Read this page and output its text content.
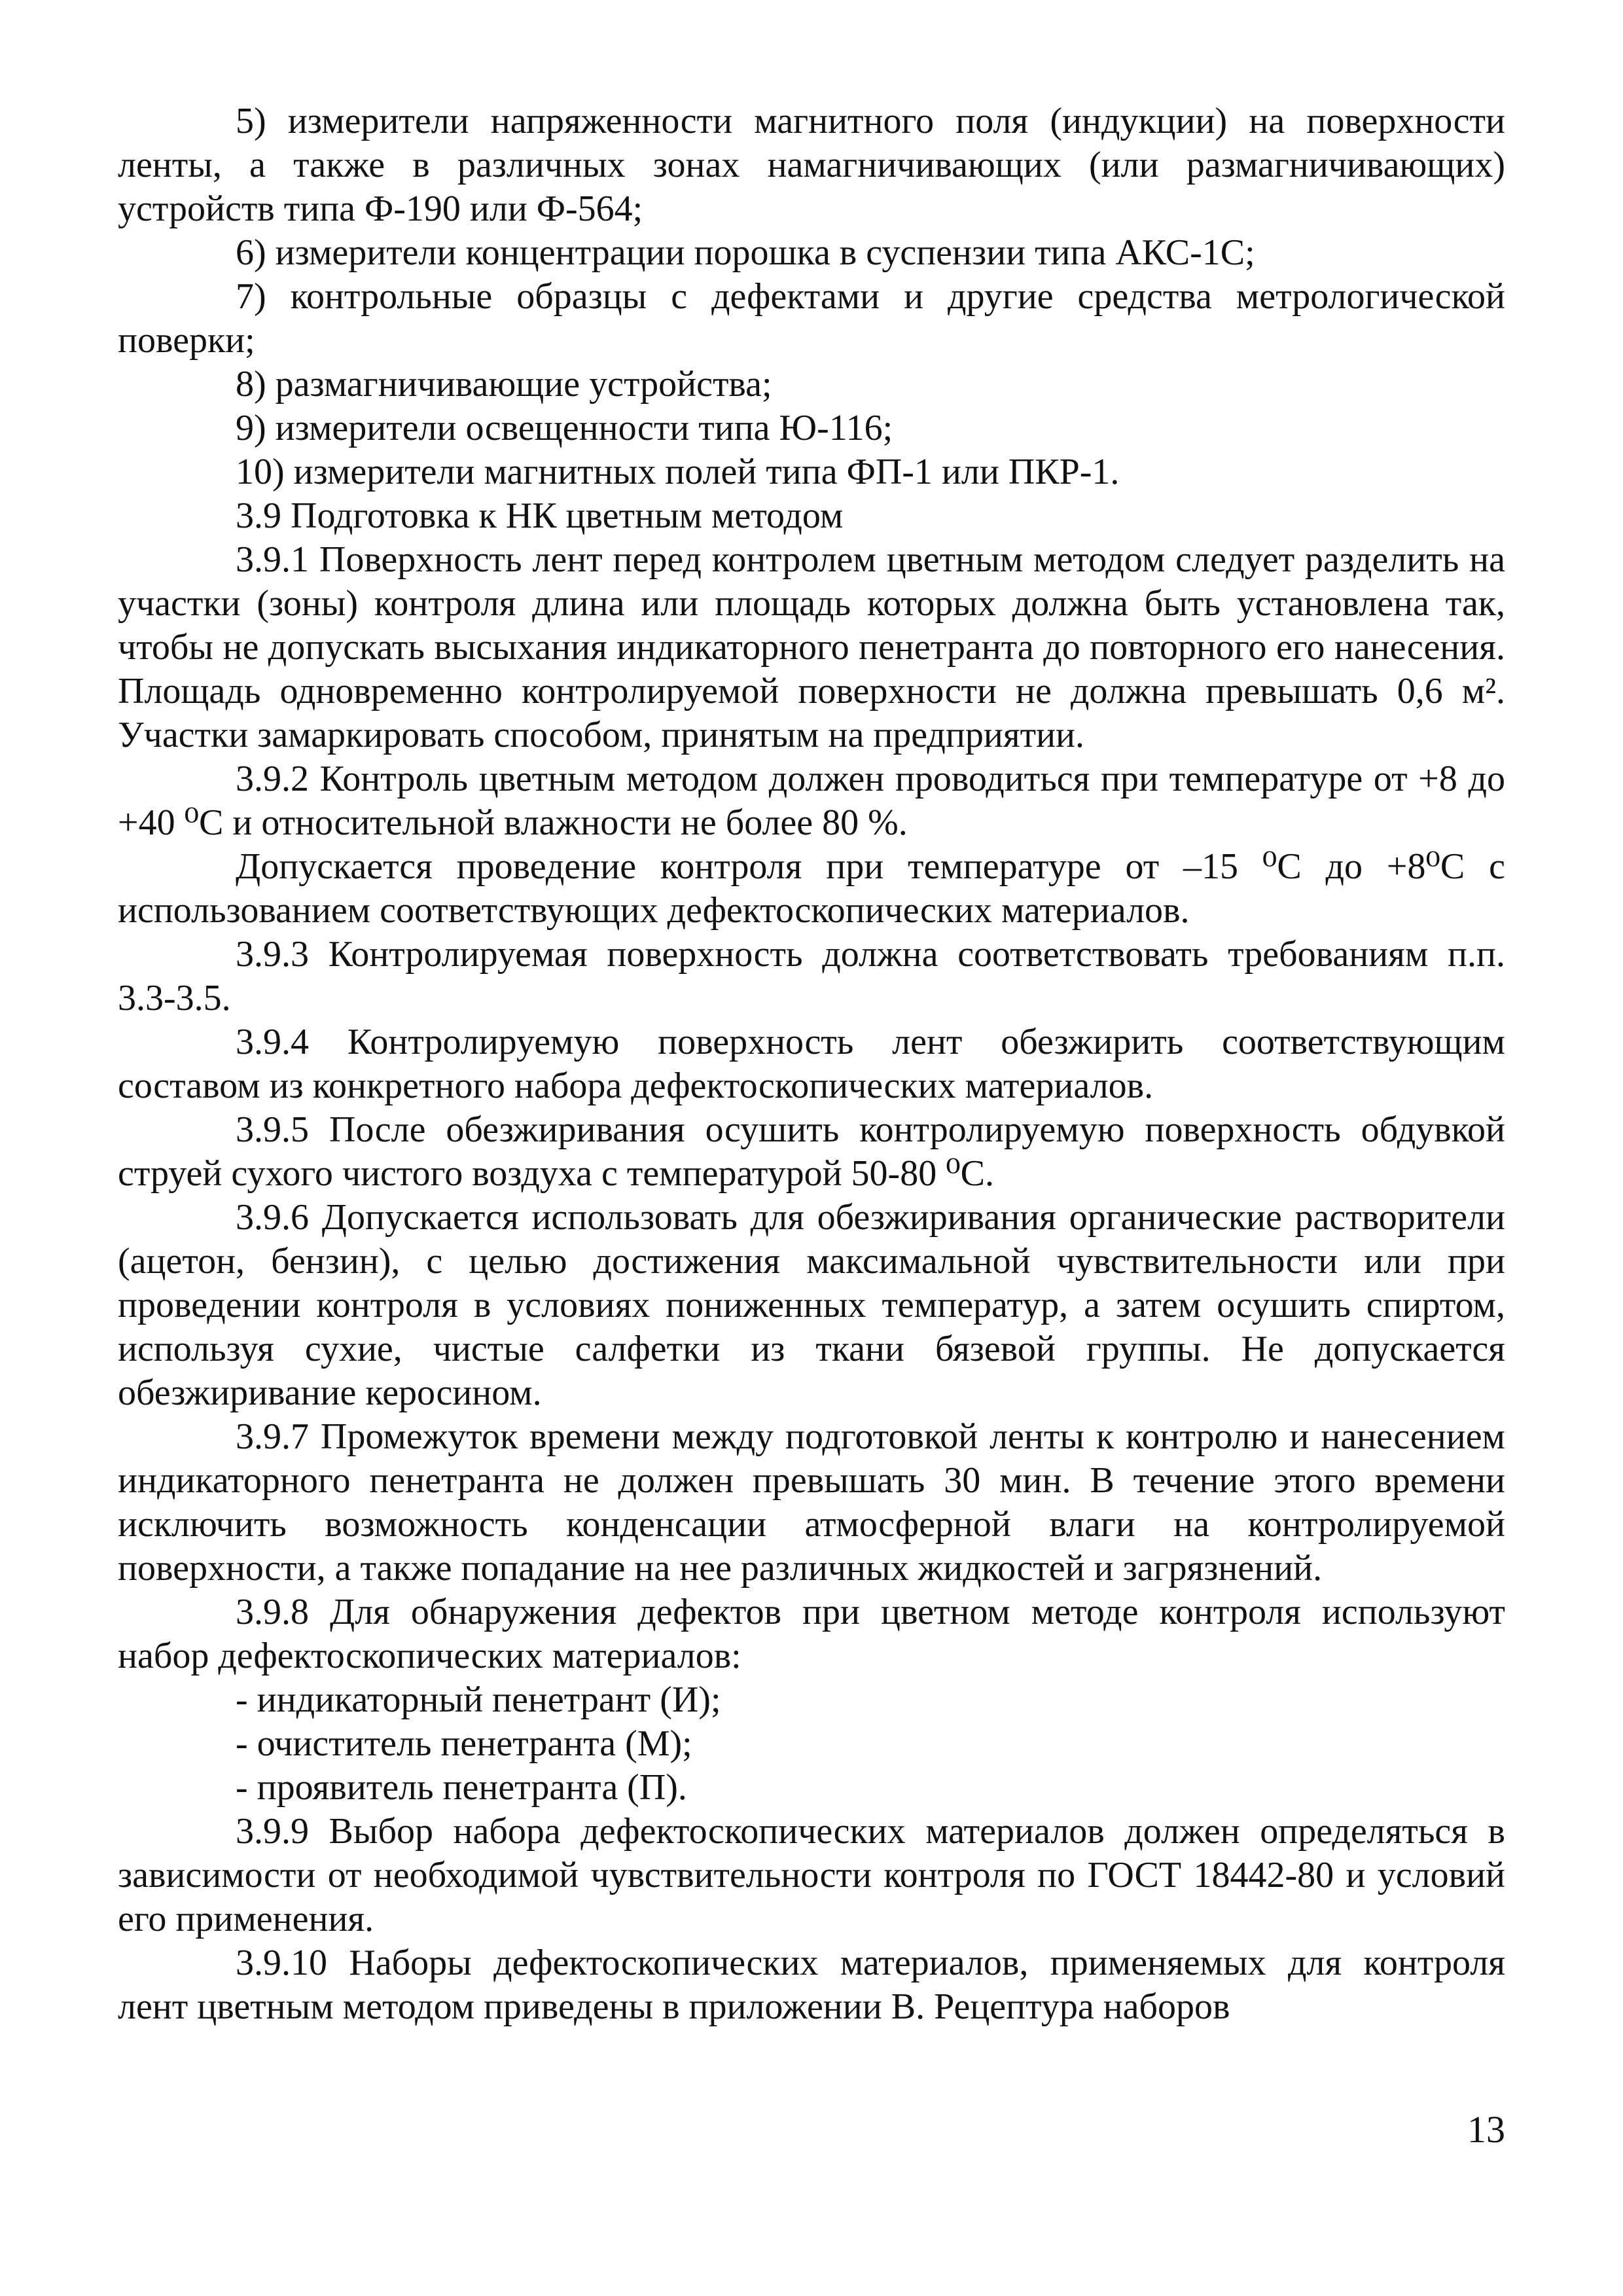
5) измерители напряженности магнитного поля (индукции) на поверхности ленты, а также в различных зонах намагничивающих (или размагничивающих) устройств типа Ф-190 или Ф-564;

6) измерители концентрации порошка в суспензии типа АКС-1С;

7) контрольные образцы с дефектами и другие средства метрологической поверки;

8) размагничивающие устройства;

9) измерители освещенности типа Ю-116;

10) измерители магнитных полей типа ФП-1 или ПКР-1.

3.9 Подготовка к НК цветным методом

3.9.1 Поверхность лент перед контролем цветным методом следует разделить на участки (зоны) контроля длина или площадь которых должна быть установлена так, чтобы не допускать высыхания индикаторного пенетранта до повторного его нанесения. Площадь одновременно контролируемой поверхности не должна превышать 0,6 м². Участки замаркировать способом, принятым на предприятии.

3.9.2 Контроль цветным методом должен проводиться при температуре от +8 до +40 ⁰С и относительной влажности не более 80 %.

Допускается проведение контроля при температуре от –15 ⁰С до +8⁰С с использованием соответствующих дефектоскопических материалов.

3.9.3 Контролируемая поверхность должна соответствовать требованиям п.п. 3.3-3.5.

3.9.4 Контролируемую поверхность лент обезжирить соответствующим составом из конкретного набора дефектоскопических материалов.

3.9.5 После обезжиривания осушить контролируемую поверхность обдувкой струей сухого чистого воздуха с температурой 50-80 ⁰С.

3.9.6 Допускается использовать для обезжиривания органические растворители (ацетон, бензин), с целью достижения максимальной чувствительности или при проведении контроля в условиях пониженных температур, а затем осушить спиртом, используя сухие, чистые салфетки из ткани бязевой группы. Не допускается обезжиривание керосином.

3.9.7 Промежуток времени между подготовкой ленты к контролю и нанесением индикаторного пенетранта не должен превышать 30 мин. В течение этого времени исключить возможность конденсации атмосферной влаги на контролируемой поверхности, а также попадание на нее различных жидкостей и загрязнений.

3.9.8 Для обнаружения дефектов при цветном методе контроля используют набор дефектоскопических материалов:

- индикаторный пенетрант (И);

- очиститель пенетранта (М);

- проявитель пенетранта (П).

3.9.9 Выбор набора дефектоскопических материалов должен определяться в зависимости от необходимой чувствительности контроля по ГОСТ 18442-80 и условий его применения.

3.9.10 Наборы дефектоскопических материалов, применяемых для контроля лент цветным методом приведены в приложении В. Рецептура наборов

13
